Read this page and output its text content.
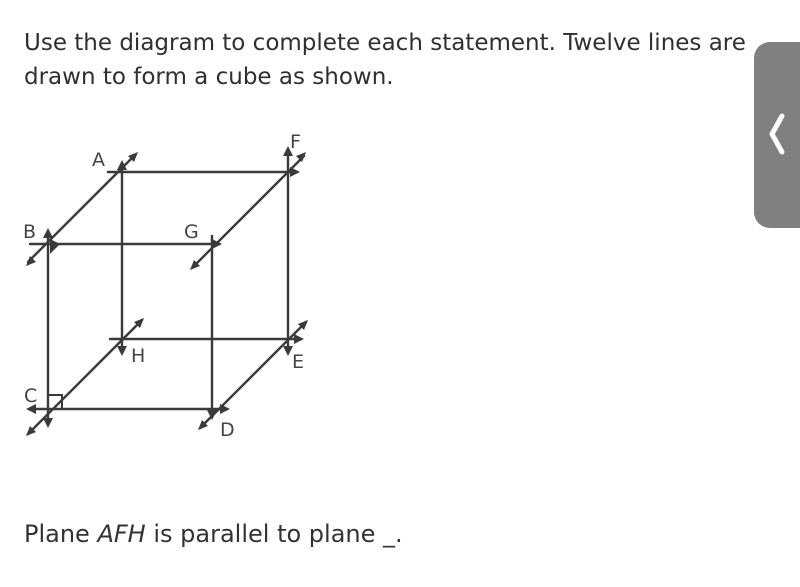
Use the diagram to complete each statement. Twelve lines are drawn to form a cube as shown.
A
F
B	G
H	E
C
D
Plane AFH is parallel to plane _.
